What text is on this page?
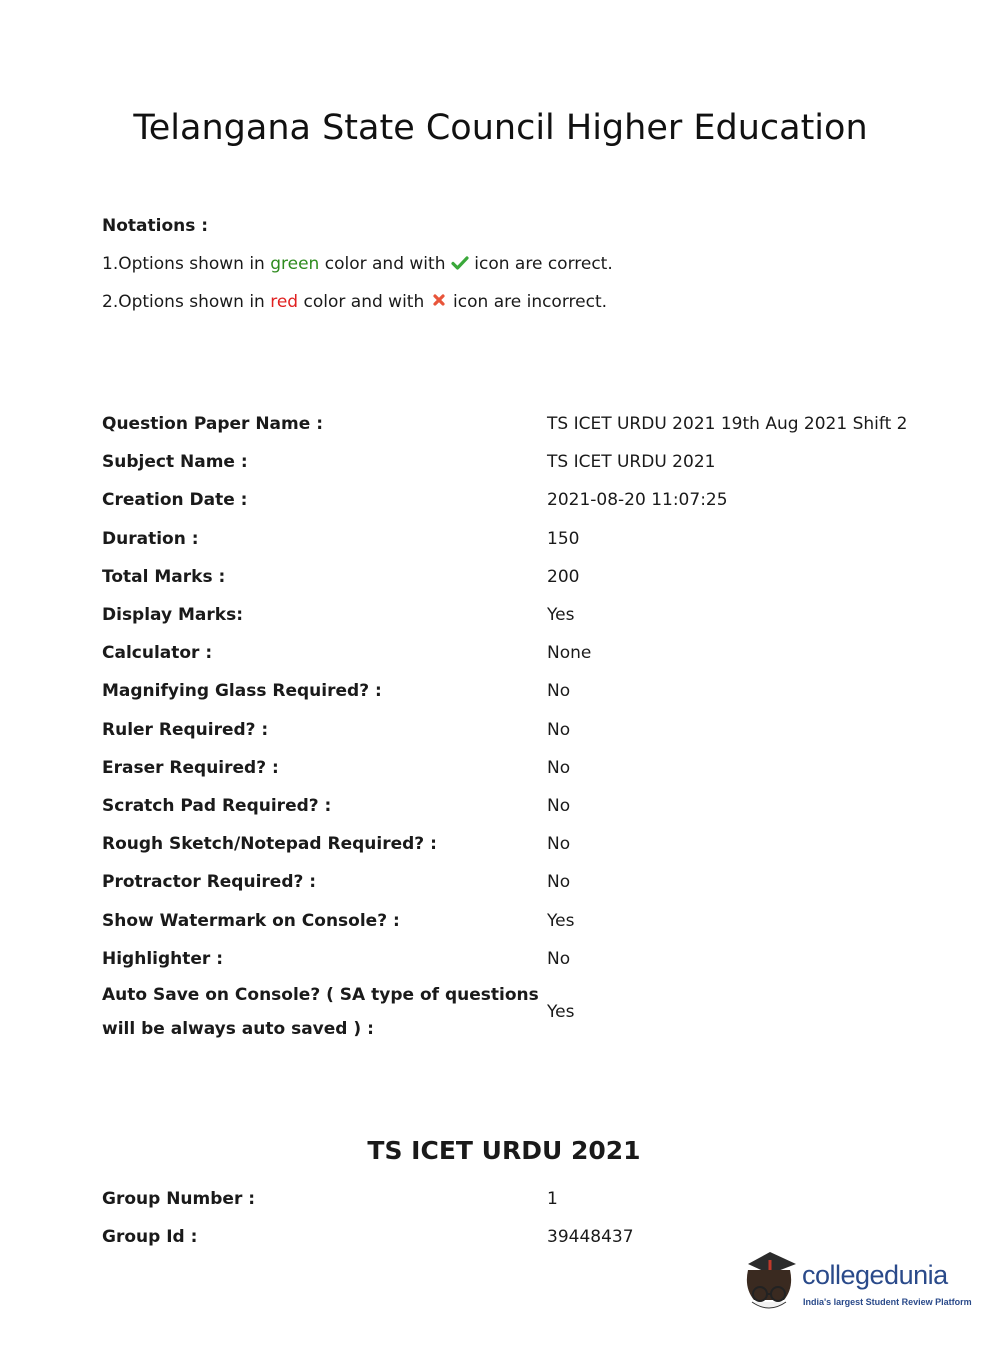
Telangana State Council Higher Education
Notations :
1.Options shown in green color and with  icon are correct.
2.Options shown in red color and with  icon are incorrect.
Question Paper Name :	TS ICET URDU 2021 19th Aug 2021 Shift 2
Subject Name :	TS ICET URDU 2021
Creation Date :	2021-08-20 11:07:25
Duration :	150
Total Marks :	200
Display Marks:	Yes
Calculator :	None
Magnifying Glass Required? :	No
Ruler Required? :	No
Eraser Required? :	No
Scratch Pad Required? :	No
Rough Sketch/Notepad Required? :	No
Protractor Required? :	No
Show Watermark on Console? :	Yes
Highlighter :	No
Auto Save on Console? ( SA type of questions will be always auto saved ) :	Yes
TS ICET URDU 2021
Group Number :	1
Group Id :	39448437
collegedunia
India's largest Student Review Platform
